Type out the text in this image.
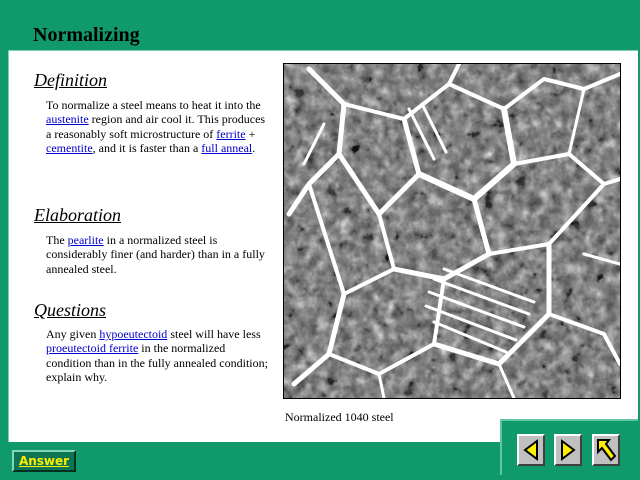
Normalizing
Definition

To normalize a steel means to heat it into the austenite region and air cool it. This produces a reasonably soft microstructure of ferrite + cementite, and it is faster than a full anneal.

Elaboration

The pearlite in a normalized steel is considerably finer (and harder) than in a fully annealed steel.

Questions

Any given hypoeutectoid steel will have less proeutectoid ferrite in the normalized condition than in the fully annealed condition; explain why.

Normalized 1040 steel
Answer
